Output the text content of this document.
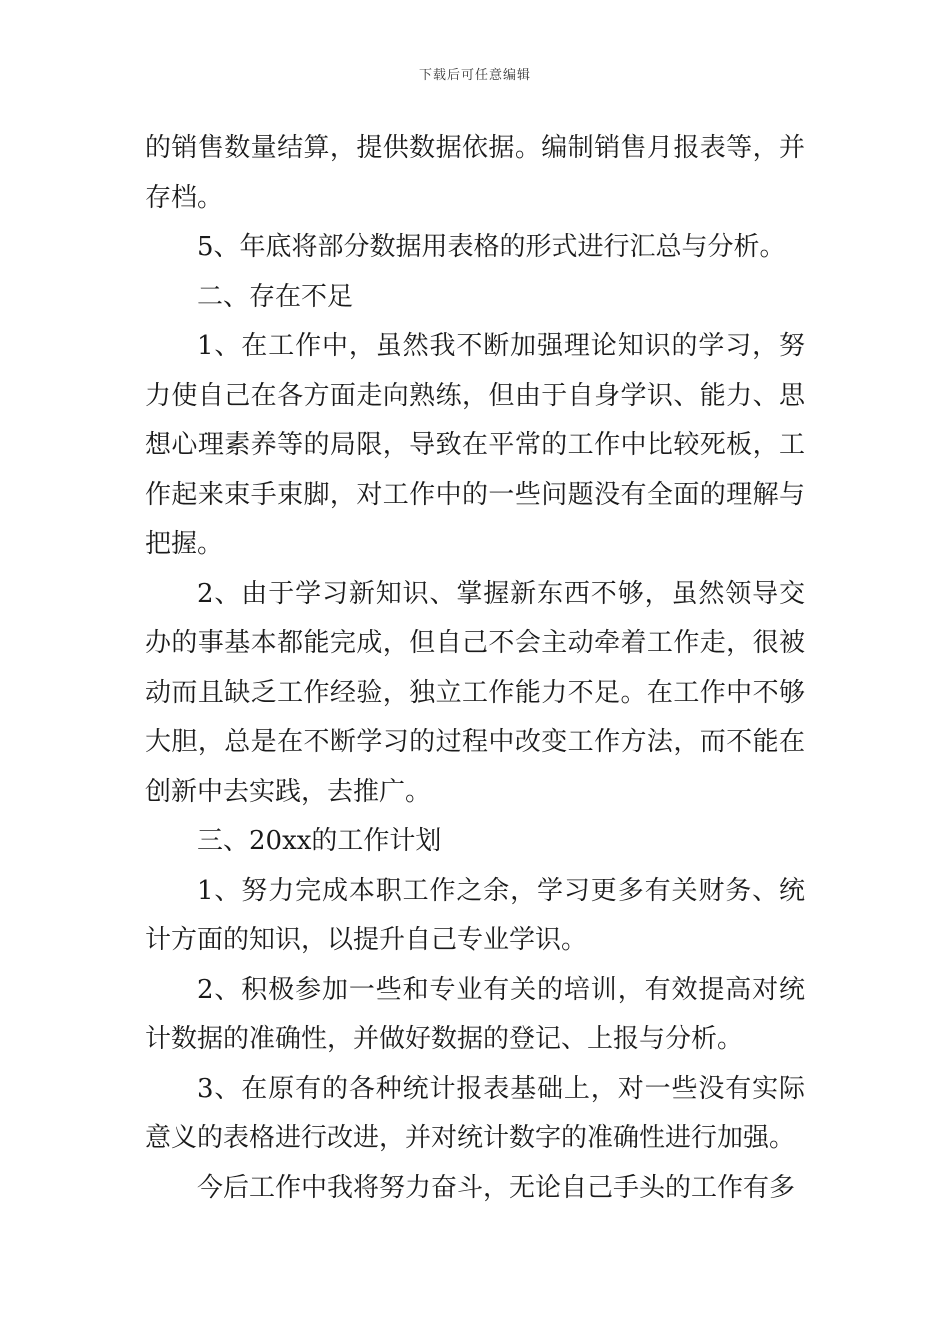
下载后可任意编辑

的销售数量结算，提供数据依据。编制销售月报表等，并存档。

5、年底将部分数据用表格的形式进行汇总与分析。

二、存在不足

1、在工作中，虽然我不断加强理论知识的学习，努力使自己在各方面走向熟练，但由于自身学识、能力、思想心理素养等的局限，导致在平常的工作中比较死板，工作起来束手束脚，对工作中的一些问题没有全面的理解与把握。

2、由于学习新知识、掌握新东西不够，虽然领导交办的事基本都能完成，但自己不会主动牵着工作走，很被动而且缺乏工作经验，独立工作能力不足。在工作中不够大胆，总是在不断学习的过程中改变工作方法，而不能在创新中去实践，去推广。

三、20xx的工作计划

1、努力完成本职工作之余，学习更多有关财务、统计方面的知识，以提升自己专业学识。

2、积极参加一些和专业有关的培训，有效提高对统计数据的准确性，并做好数据的登记、上报与分析。

3、在原有的各种统计报表基础上，对一些没有实际意义的表格进行改进，并对统计数字的准确性进行加强。

今后工作中我将努力奋斗，无论自己手头的工作有多
